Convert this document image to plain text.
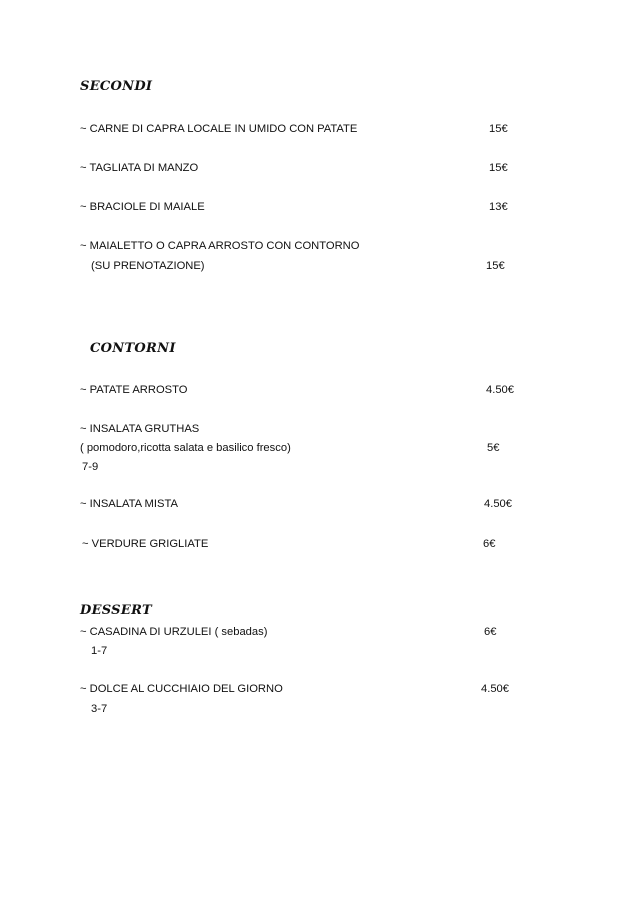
SECONDI

~ CARNE DI CAPRA LOCALE IN UMIDO CON PATATE	15€

~ TAGLIATA DI MANZO	15€

~ BRACIOLE DI MAIALE	13€

~ MAIALETTO O CAPRA ARROSTO CON CONTORNO

(SU PRENOTAZIONE)	15€

CONTORNI

~ PATATE ARROSTO	4.50€

~ INSALATA GRUTHAS

( pomodoro,ricotta salata e basilico fresco)	5€

7-9

~ INSALATA MISTA	4.50€

~ VERDURE GRIGLIATE	6€

DESSERT

~ CASADINA DI URZULEI ( sebadas)	6€

1-7

~ DOLCE AL CUCCHIAIO DEL GIORNO	4.50€

3-7
